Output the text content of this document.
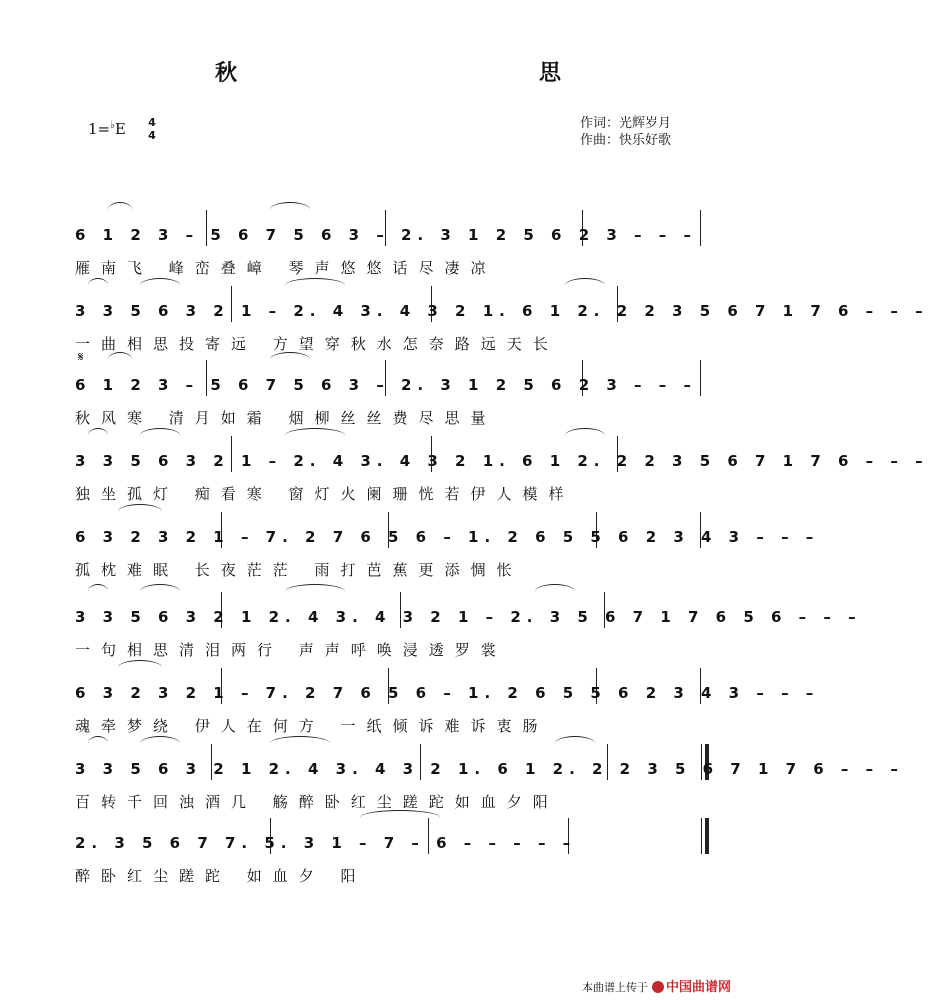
秋　思
1=♭E 4
4
作词：光辉岁月
作曲：快乐好歌
𝄋
6 1 2 3 – 5 6 7 5 6 3 – 2. 3 1 2 5 6 2 3 – – –
雁南飞 峰峦叠嶂 琴声悠悠话尽凄凉
3 3 5 6 3 2 1 – 2. 4 3. 4 3 2 1. 6 1 2. 2 2 3 5 6 7 1 7 6 – – –
一曲相思投寄远 方望穿秋水怎奈路远天长
6 1 2 3 – 5 6 7 5 6 3 – 2. 3 1 2 5 6 2 3 – – –
秋风寒 清月如霜 烟柳丝丝费尽思量
3 3 5 6 3 2 1 – 2. 4 3. 4 3 2 1. 6 1 2. 2 2 3 5 6 7 1 7 6 – – –
独坐孤灯 痴看寒 窗灯火阑珊恍若伊人模样
6 3 2 3 2 1 – 7. 2 7 6 5 6 – 1. 2 6 5 5 6 2 3 4 3 – – –
孤枕难眠 长夜茫茫 雨打芭蕉更添惆怅
3 3 5 6 3 2 1 2. 4 3. 4 3 2 1 – 2. 3 5 6 7 1 7 6 5 6 – – –
一句相思清泪两行 声声呼唤浸透罗裳
6 3 2 3 2 1 – 7. 2 7 6 5 6 – 1. 2 6 5 5 6 2 3 4 3 – – –
魂牵梦绕 伊人在何方 一纸倾诉难诉衷肠
3 3 5 6 3 2 1 2. 4 3. 4 3 2 1. 6 1 2. 2 2 3 5 6 7 1 7 6 – – –
百转千回浊酒几 觞醉卧红尘蹉跎如血夕阳
2. 3 5 6 7 7. 5. 3 1 – 7 – 6 – – – – –
醉卧红尘蹉跎 如血夕 阳
本曲谱上传于 中国曲谱网
